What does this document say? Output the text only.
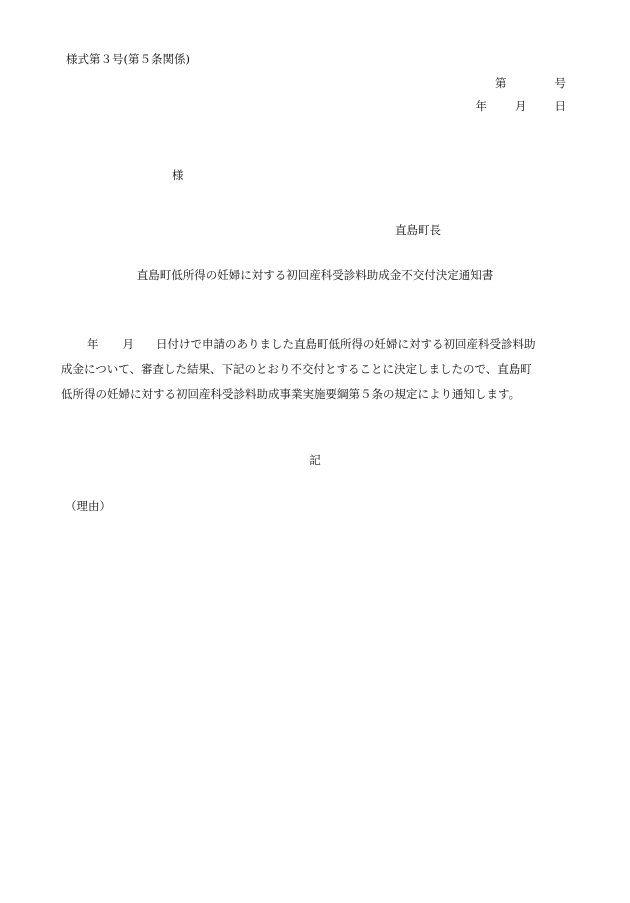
様式第３号(第５条関係)
第	号
年 月 日
様
直島町長
直島町低所得の妊婦に対する初回産科受診料助成金不交付決定通知書
年 月 日付けで申請のありました直島町低所得の妊婦に対する初回産科受診料助
成金について、審査した結果、下記のとおり不交付とすることに決定しましたので、直島町
低所得の妊婦に対する初回産科受診料助成事業実施要綱第５条の規定により通知します。
記
（理由）
